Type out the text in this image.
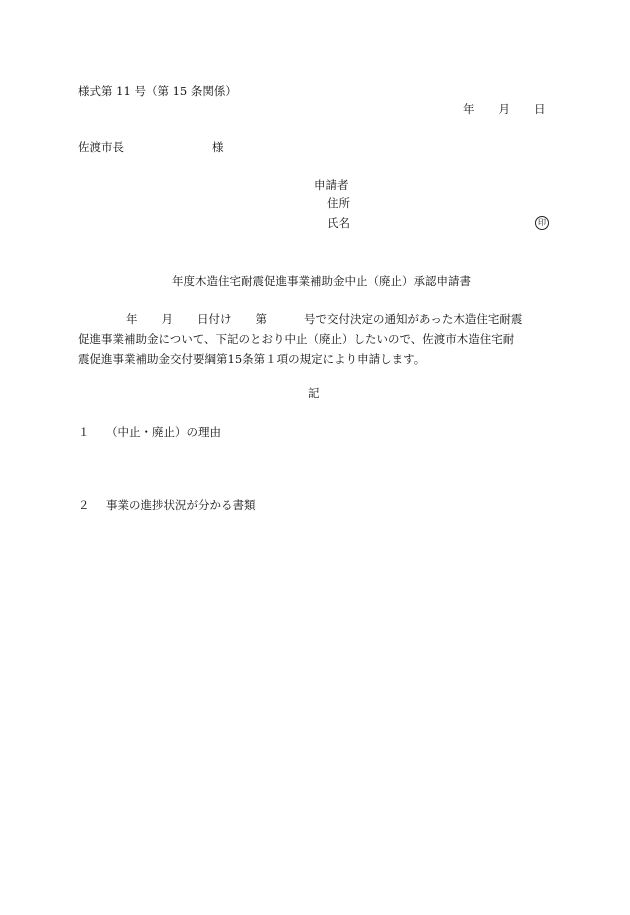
様式第 11 号（第 15 条関係）
年 月 日
佐渡市長	様
申請者
住所
氏名	印
年度木造住宅耐震促進事業補助金中止（廃止）承認申請書
年 月 日付け 第	号で交付決定の通知があった木造住宅耐震
促進事業補助金について、下記のとおり中止（廃止）したいので、佐渡市木造住宅耐
震促進事業補助金交付要綱第15条第１項の規定により申請します。
記
１ （中止・廃止）の理由
２ 事業の進捗状況が分かる書類
